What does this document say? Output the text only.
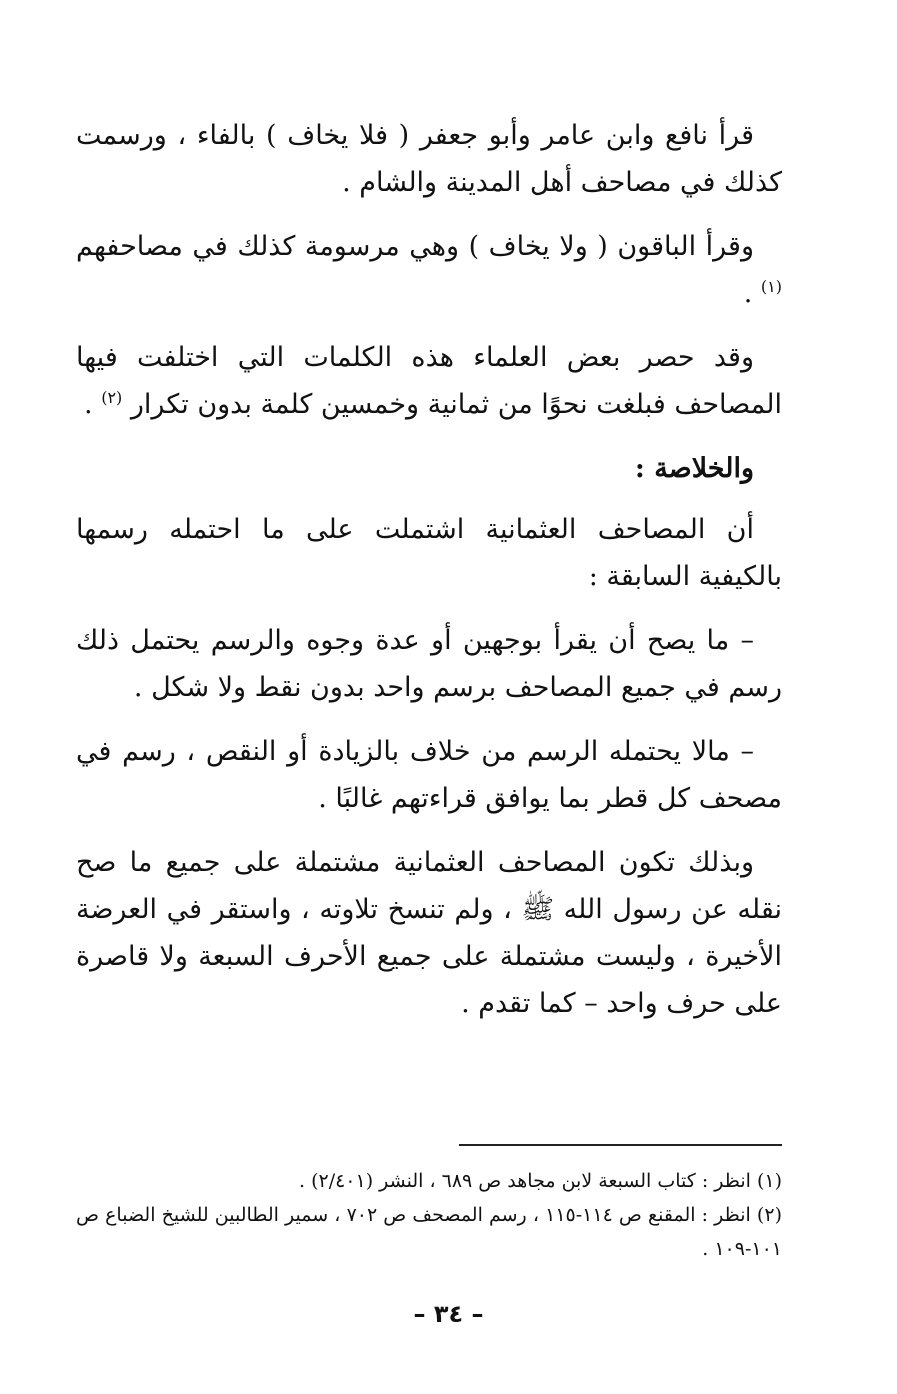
قرأ نافع وابن عامر وأبو جعفر ( فلا يخاف ) بالفاء ، ورسمت كذلك في مصاحف أهل المدينة والشام .

وقرأ الباقون ( ولا يخاف ) وهي مرسومة كذلك في مصاحفهم $^{(١)}$ .

وقد حصر بعض العلماء هذه الكلمات التي اختلفت فيها المصاحف فبلغت نحوًا من ثمانية وخمسين كلمة بدون تكرار $^{(٢)}$ .

والخلاصة :

أن المصاحف العثمانية اشتملت على ما احتمله رسمها بالكيفية السابقة :

– ما يصح أن يقرأ بوجهين أو عدة وجوه والرسم يحتمل ذلك رسم في جميع المصاحف برسم واحد بدون نقط ولا شكل .

– مالا يحتمله الرسم من خلاف بالزيادة أو النقص ، رسم في مصحف كل قطر بما يوافق قراءتهم غالبًا .

وبذلك تكون المصاحف العثمانية مشتملة على جميع ما صح نقله عن رسول الله ﷺ ، ولم تنسخ تلاوته ، واستقر في العرضة الأخيرة ، وليست مشتملة على جميع الأحرف السبعة ولا قاصرة على حرف واحد – كما تقدم .

(١) انظر : كتاب السبعة لابن مجاهد ص ٦٨٩ ، النشر (٢/٤٠١) .

(٢) انظر : المقنع ص ١١٤-١١٥ ، رسم المصحف ص ٧٠٢ ، سمير الطالبين للشيخ الضباع ص ١٠١-١٠٩ .

– ٣٤ –
